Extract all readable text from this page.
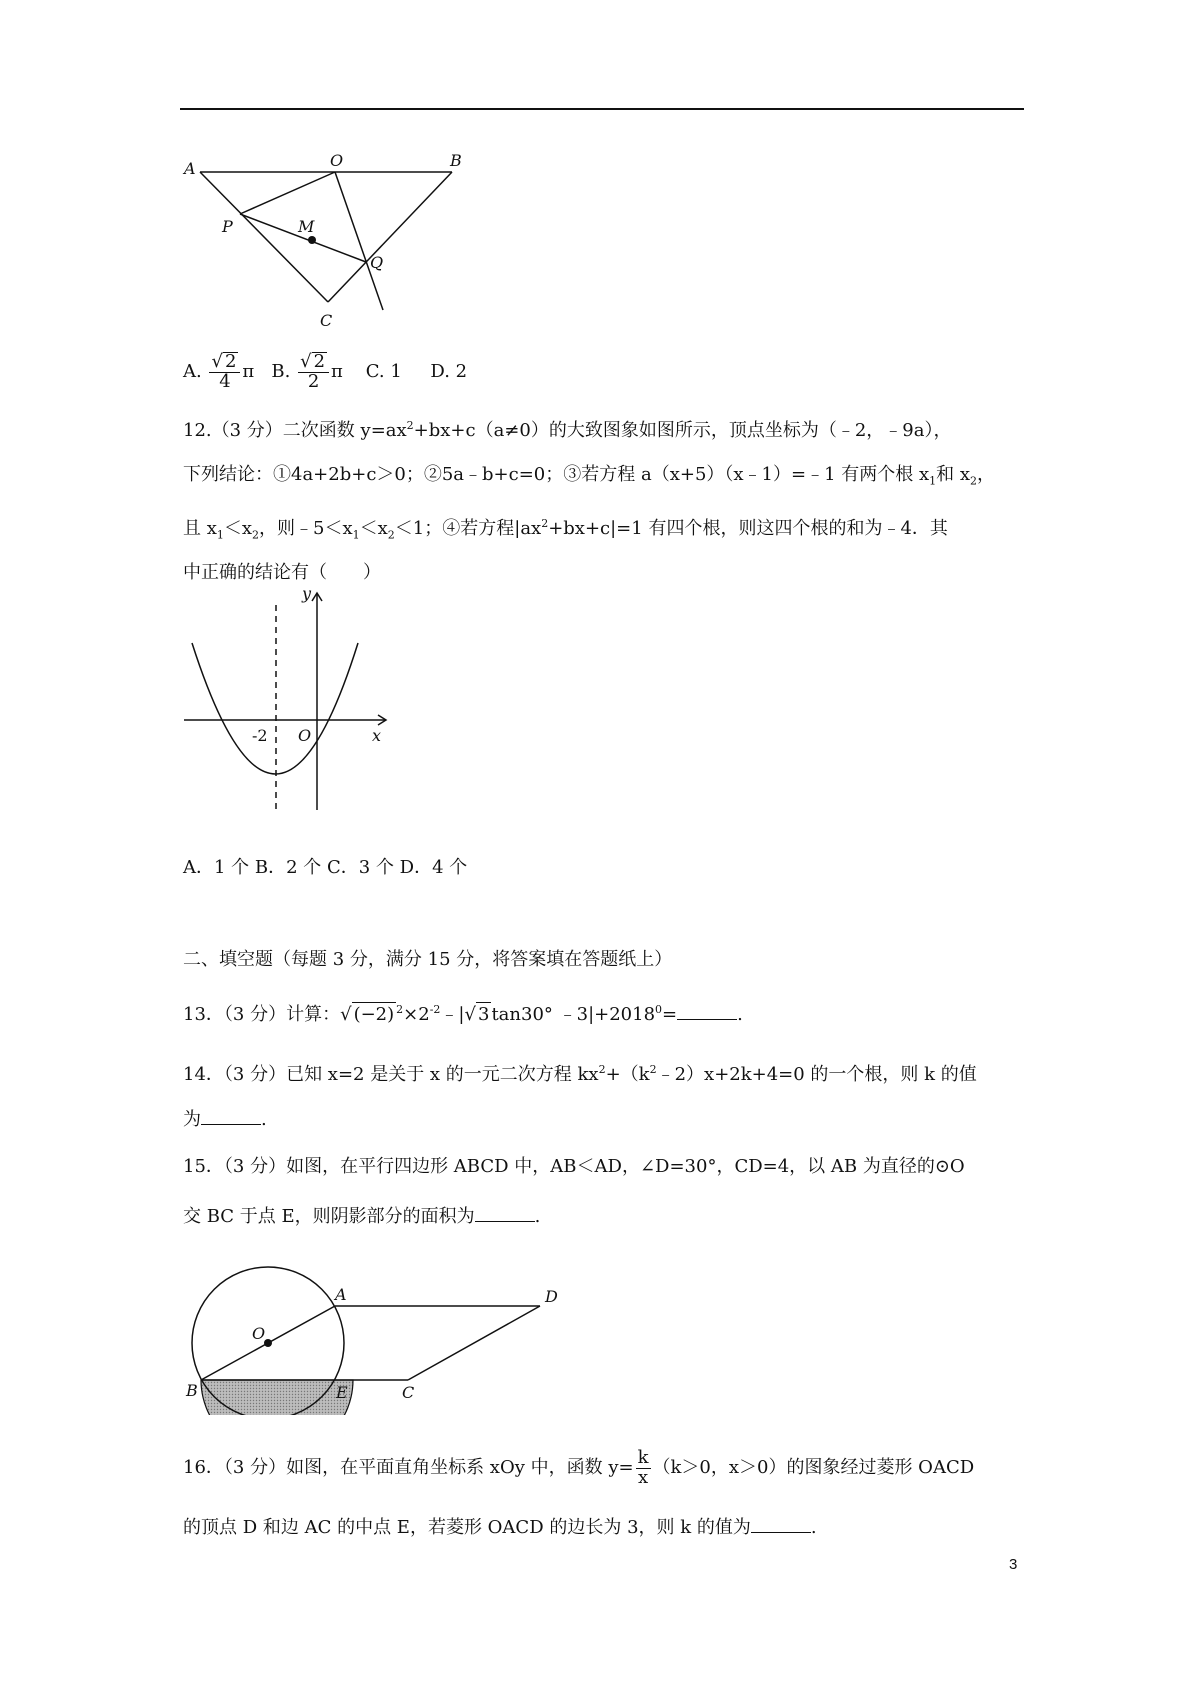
A	O	B
P	M
Q
C
A. $\frac{√ 2}{4}$ π B. $\frac{√ 2}{2}$ π C. 1 D. 2
12.（3 分）二次函数 $y=ax^2+bx+c(a\ne 0)$的大致图象如图所示，顶点坐标为（﹣2，﹣9a），
下列结论：①4a+2b+c＞0；②5a﹣b+c=0；③若方程 a（x+5）（x﹣1）=﹣1 有两个根 $x_1$和 $x_2$，
且 $x_1<x_2$，则$﹣5<x_1<x_2<1$；④若方程$|ax^2+bx+c|=1$ 有四个根，则这四个根的和为﹣4．其
中正确的结论有（　　）
y
x
O
-2
A．1 个 B．2 个 C．3 个 D．4 个
二、填空题（每题 3 分，满分 15 分，将答案填在答题纸上）
13．（3 分）计算：√ (−2) $^2\times 2^{-2}﹣|√$ 3 tan30° $﹣3|+2018^0=$	.
14．（3 分）已知 x=2 是关于 x 的一元二次方程 $kx^2+(k^2﹣2)x+2k+4=0$ 的一个根，则 k 的值
为	.
15．（3 分）如图，在平行四边形 ABCD 中，AB＜AD，∠D=30°，CD=4，以 AB 为直径的⊙O
交 BC 于点 E，则阴影部分的面积为	.
A	D
O
B	E	C
16．（3 分）如图，在平面直角坐标系 xOy 中，函数 $y= \frac{k}{x} (k>0$，x＞0）的图象经过菱形 OACD
的顶点 D 和边 AC 的中点 E，若菱形 OACD 的边长为 3，则 k 的值为	.
3
